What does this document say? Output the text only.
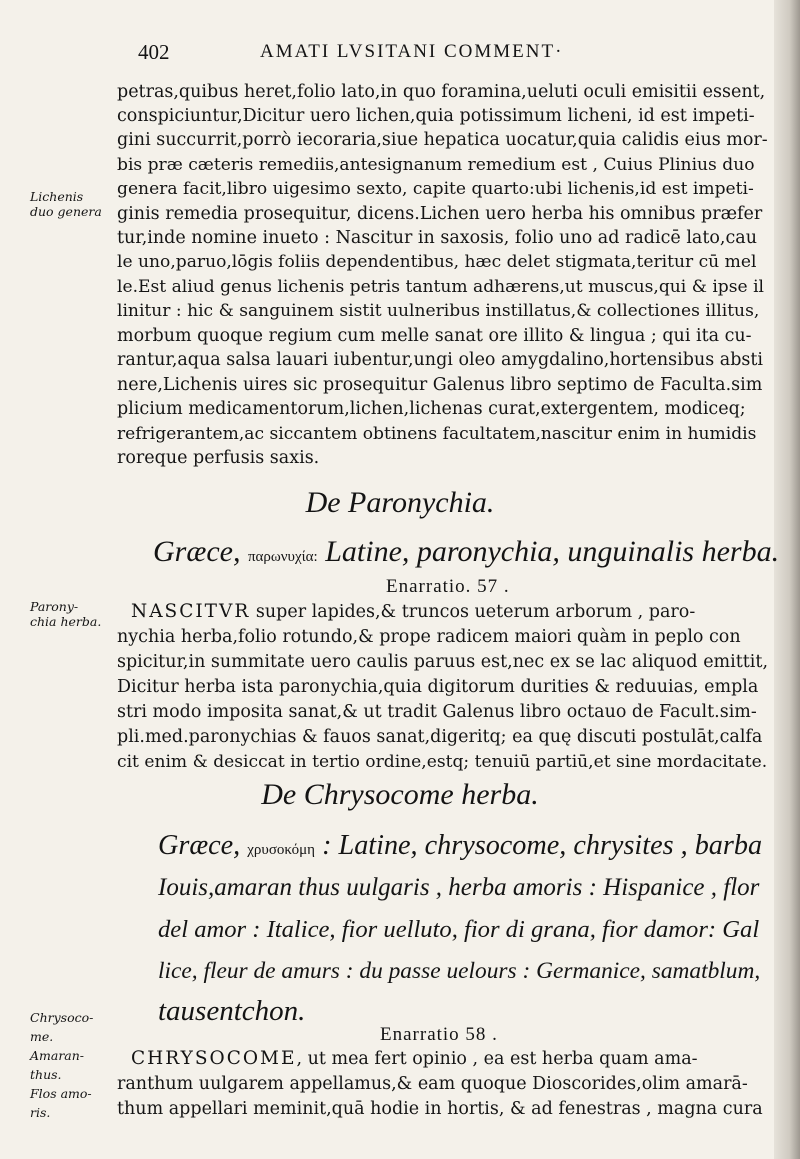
402	AMATI LVSITANI COMMENT·
petras,quibus heret,folio lato,in quo foramina,ueluti oculi emisitii essent,
conspiciuntur,Dicitur uero lichen,quia potissimum licheni, id est impeti-
gini succurrit,porrò iecoraria,siue hepatica uocatur,quia calidis eius mor-
bis præ cæteris remediis,antesignanum remedium est , Cuius Plinius duo
genera facit,libro uigesimo sexto, capite quarto:ubi lichenis,id est impeti-
ginis remedia prosequitur, dicens.Lichen uero herba his omnibus præfer
tur,inde nomine inueto : Nascitur in saxosis, folio uno ad radicē lato,cau
le uno,paruo,lōgis foliis dependentibus, hæc delet stigmata,teritur cū mel
le.Est aliud genus lichenis petris tantum adhærens,ut muscus,qui & ipse il
linitur : hic & sanguinem sistit uulneribus instillatus,& collectiones illitus,
morbum quoque regium cum melle sanat ore illito & lingua ; qui ita cu-
rantur,aqua salsa lauari iubentur,ungi oleo amygdalino,hortensibus absti
nere,Lichenis uires sic prosequitur Galenus libro septimo de Faculta.sim
plicium medicamentorum,lichen,lichenas curat,extergentem, modiceq;
refrigerantem,ac siccantem obtinens facultatem,nascitur enim in humidis
roreque perfusis saxis.
Lichenis
duo genera
De Paronychia.
Græce, παρωνυχία: Latine, paronychia, unguinalis herba.
Enarratio. 57 .
NASCITVR super lapides,& truncos ueterum arborum , paro-
nychia herba,folio rotundo,& prope radicem maiori quàm in peplo con
spicitur,in summitate uero caulis paruus est,nec ex se lac aliquod emittit,
Dicitur herba ista paronychia,quia digitorum durities & reduuias, empla
stri modo imposita sanat,& ut tradit Galenus libro octauo de Facult.sim-
pli.med.paronychias & fauos sanat,digeritq; ea quę discuti postulāt,calfa
cit enim & desiccat in tertio ordine,estq; tenuiū partiū,et sine mordacitate.
Parony-
chia herba.
De Chrysocome herba.
Græce, χρυσοκόμη : Latine, chrysocome, chrysites , barba
Iouis,amaran thus uulgaris , herba amoris : Hispanice , flor
del amor : Italice, fior uelluto, fior di grana, fior damor: Gal
lice, fleur de amurs : du passe uelours : Germanice, samatblum,
tausentchon.
Enarratio 58 .
CHRYSOCOME, ut mea fert opinio , ea est herba quam ama-
ranthum uulgarem appellamus,& eam quoque Dioscorides,olim amarā-
thum appellari meminit,quā hodie in hortis, & ad fenestras , magna cura
Chrysoco-
me.
Amaran-
thus.
Flos amo-
ris.
